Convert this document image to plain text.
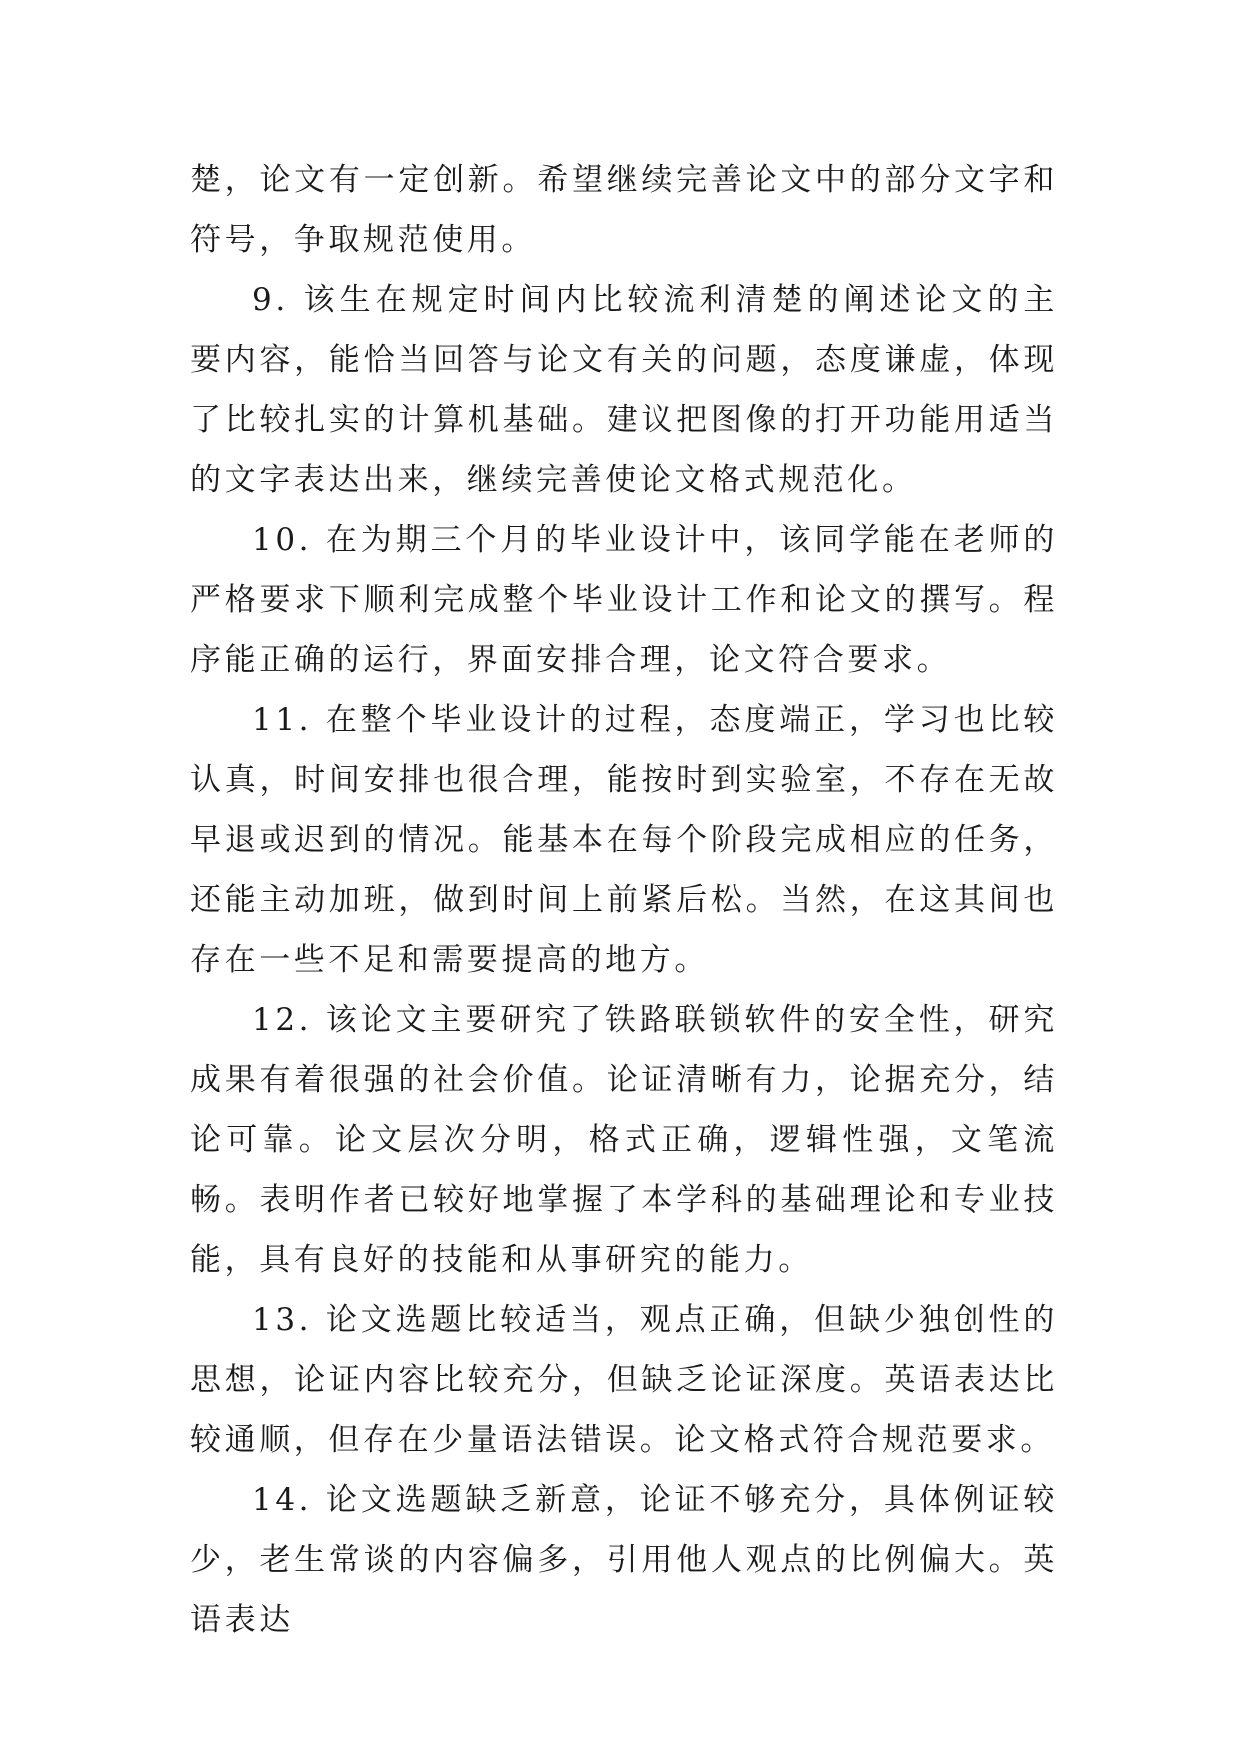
楚，论文有一定创新。希望继续完善论文中的部分文字和符号，争取规范使用。

9. 该生在规定时间内比较流利清楚的阐述论文的主要内容，能恰当回答与论文有关的问题，态度谦虚，体现了比较扎实的计算机基础。建议把图像的打开功能用适当的文字表达出来，继续完善使论文格式规范化。

10. 在为期三个月的毕业设计中，该同学能在老师的严格要求下顺利完成整个毕业设计工作和论文的撰写。程序能正确的运行，界面安排合理，论文符合要求。

11. 在整个毕业设计的过程，态度端正，学习也比较认真，时间安排也很合理，能按时到实验室，不存在无故早退或迟到的情况。能基本在每个阶段完成相应的任务，还能主动加班，做到时间上前紧后松。当然，在这其间也存在一些不足和需要提高的地方。

12. 该论文主要研究了铁路联锁软件的安全性，研究成果有着很强的社会价值。论证清晰有力，论据充分，结论可靠。论文层次分明，格式正确，逻辑性强，文笔流畅。表明作者已较好地掌握了本学科的基础理论和专业技能，具有良好的技能和从事研究的能力。

13. 论文选题比较适当，观点正确，但缺少独创性的思想，论证内容比较充分，但缺乏论证深度。英语表达比较通顺，但存在少量语法错误。论文格式符合规范要求。

14. 论文选题缺乏新意，论证不够充分，具体例证较少，老生常谈的内容偏多，引用他人观点的比例偏大。英语表达
